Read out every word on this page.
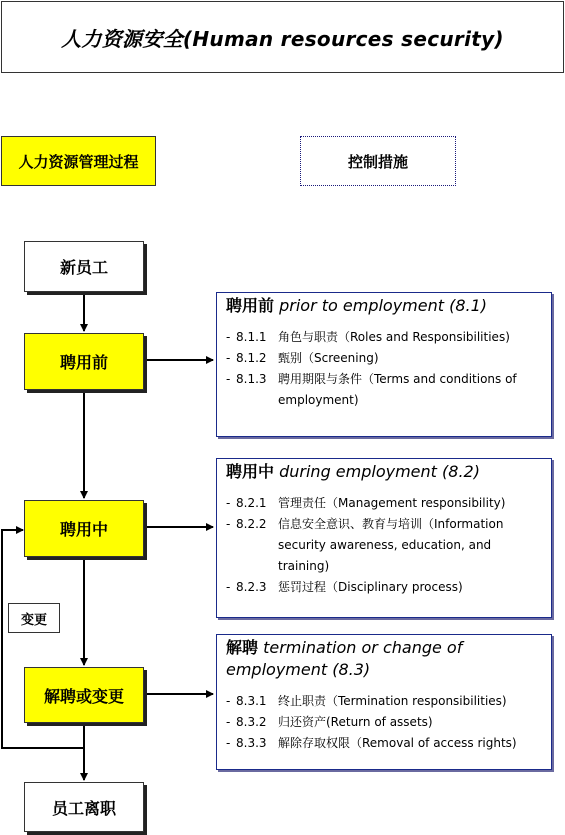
人力资源安全(Human resources security)
人力资源管理过程	控制措施
新员工
聘用前
聘用中
解聘或变更
员工离职
变更
聘用前 prior to employment (8.1)
- 8.1.1 角色与职责（Roles and Responsibilities)
- 8.1.2 甄别（Screening)
- 8.1.3 聘用期限与条件（Terms and conditions of employment)
聘用中 during employment (8.2)
- 8.2.1 管理责任（Management responsibility)
- 8.2.2 信息安全意识、教育与培训（Information security awareness, education, and training)
- 8.2.3 惩罚过程（Disciplinary process)
解聘 termination or change of employment (8.3)
- 8.3.1 终止职责（Termination responsibilities)
- 8.3.2 归还资产(Return of assets)
- 8.3.3 解除存取权限（Removal of access rights)
